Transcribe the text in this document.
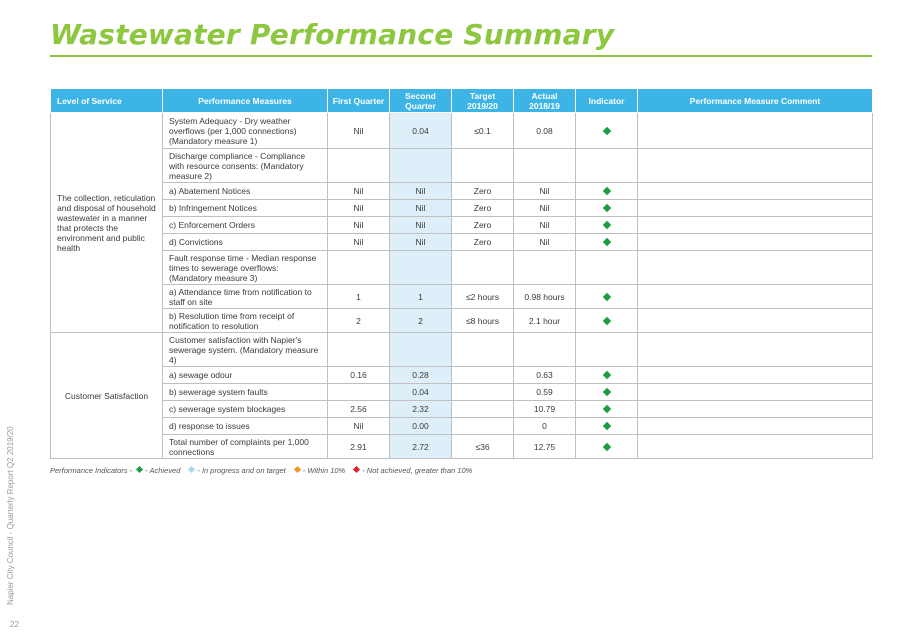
Wastewater Performance Summary
Napier City Council - Quarterly Report Q2 2019/20
22
Level of Service	Performance Measures	First Quarter	Second Quarter	Target 2019/20	Actual 2018/19	Indicator	Performance Measure Comment
The collection, reticulation and disposal of household wastewater in a manner that protects the environment and public health	System Adequacy - Dry weather overflows (per 1,000 connections) (Mandatory measure 1)	Nil	0.04	≤0.1	0.08		
	Discharge compliance - Compliance with resource consents: (Mandatory measure 2)						
	a) Abatement Notices	Nil	Nil	Zero	Nil		
	b) Infringement Notices	Nil	Nil	Zero	Nil		
	c) Enforcement Orders	Nil	Nil	Zero	Nil		
	d) Convictions	Nil	Nil	Zero	Nil		
	Fault response time - Median response times to sewerage overflows: (Mandatory measure 3)						
	a) Attendance time from notification to staff on site	1	1	≤2 hours	0.98 hours		
	b) Resolution time from receipt of notification to resolution	2	2	≤8 hours	2.1 hour		
Customer Satisfaction	Customer satisfaction with Napier's sewerage system. (Mandatory measure 4)						
	a) sewage odour	0.16	0.28		0.63		
	b) sewerage system faults		0.04		0.59		
	c) sewerage system blockages	2.56	2.32		10.79		
	d) response to issues	Nil	0.00		0		
	Total number of complaints per 1,000 connections	2.91	2.72	≤36	12.75		
Performance Indicators - - Achieved - In progress and on target - Within 10% - Not achieved, greater than 10%
